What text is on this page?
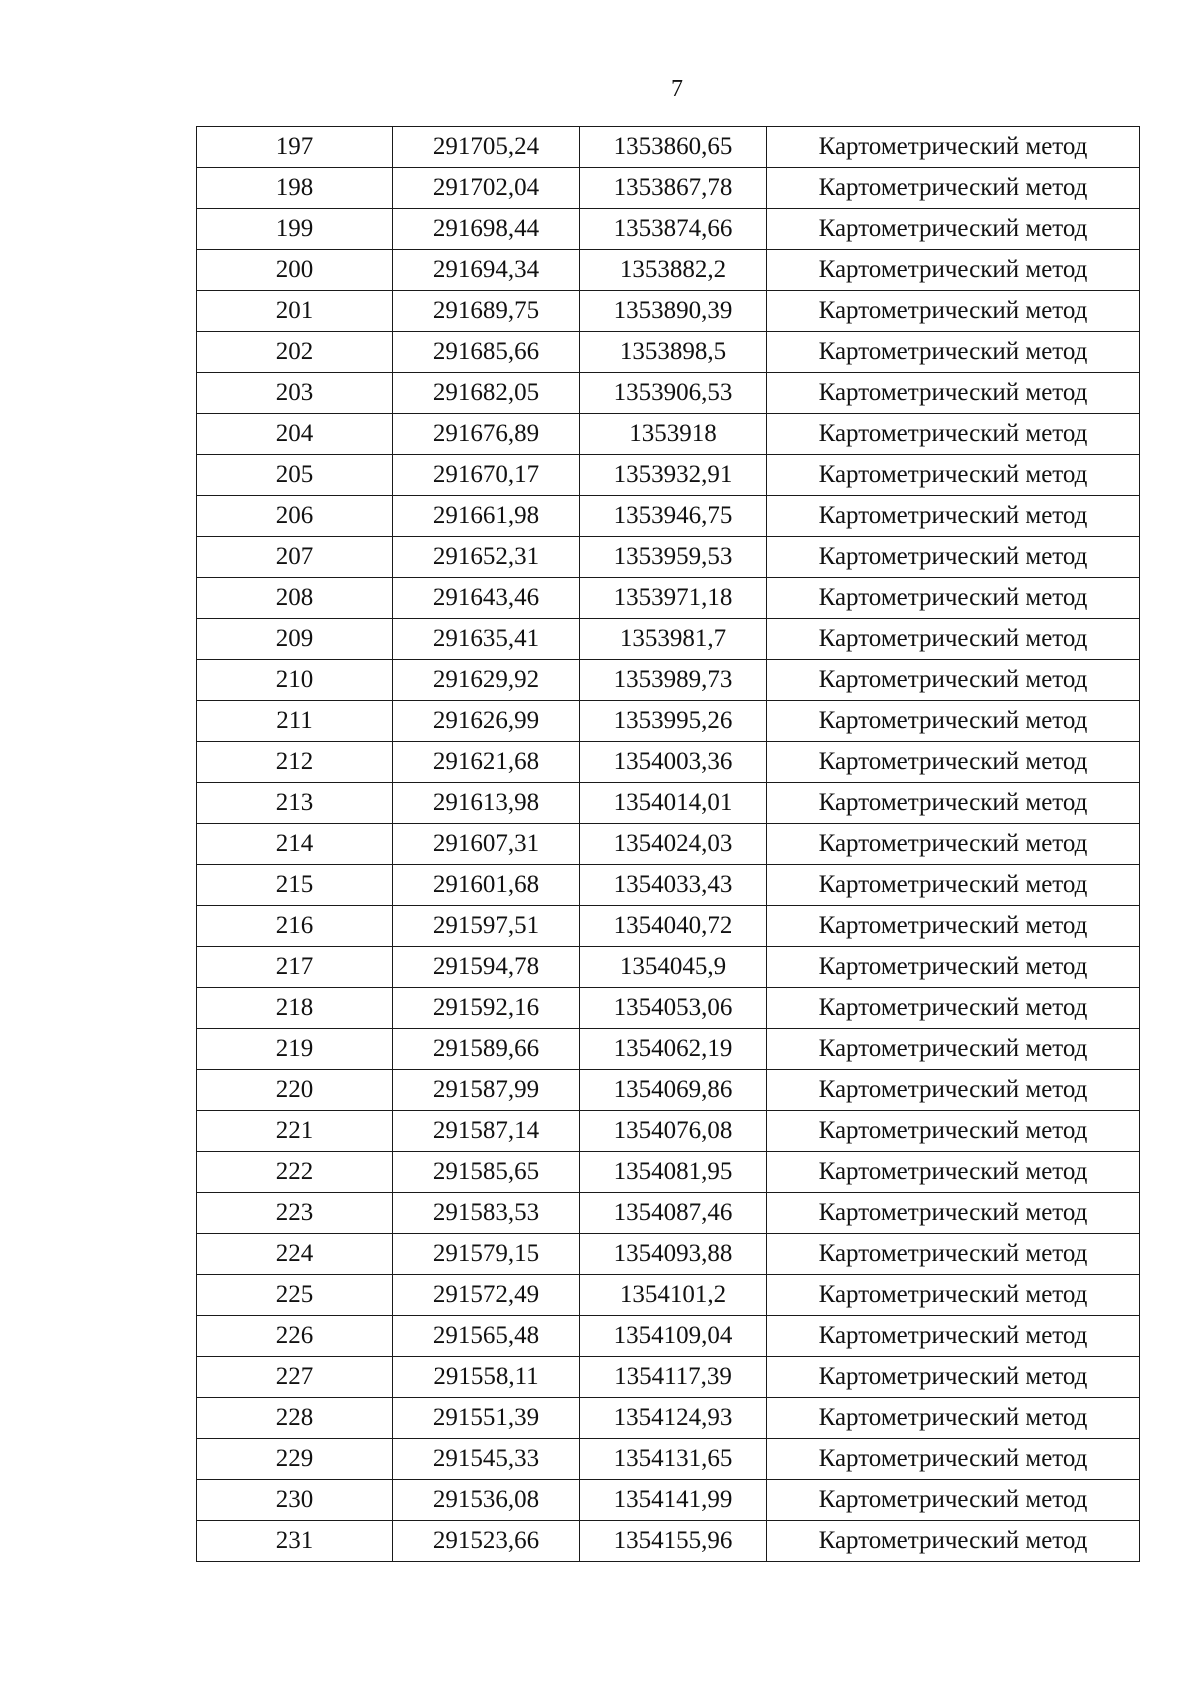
7
197	291705,24	1353860,65	Картометрический метод
198	291702,04	1353867,78	Картометрический метод
199	291698,44	1353874,66	Картометрический метод
200	291694,34	1353882,2	Картометрический метод
201	291689,75	1353890,39	Картометрический метод
202	291685,66	1353898,5	Картометрический метод
203	291682,05	1353906,53	Картометрический метод
204	291676,89	1353918	Картометрический метод
205	291670,17	1353932,91	Картометрический метод
206	291661,98	1353946,75	Картометрический метод
207	291652,31	1353959,53	Картометрический метод
208	291643,46	1353971,18	Картометрический метод
209	291635,41	1353981,7	Картометрический метод
210	291629,92	1353989,73	Картометрический метод
211	291626,99	1353995,26	Картометрический метод
212	291621,68	1354003,36	Картометрический метод
213	291613,98	1354014,01	Картометрический метод
214	291607,31	1354024,03	Картометрический метод
215	291601,68	1354033,43	Картометрический метод
216	291597,51	1354040,72	Картометрический метод
217	291594,78	1354045,9	Картометрический метод
218	291592,16	1354053,06	Картометрический метод
219	291589,66	1354062,19	Картометрический метод
220	291587,99	1354069,86	Картометрический метод
221	291587,14	1354076,08	Картометрический метод
222	291585,65	1354081,95	Картометрический метод
223	291583,53	1354087,46	Картометрический метод
224	291579,15	1354093,88	Картометрический метод
225	291572,49	1354101,2	Картометрический метод
226	291565,48	1354109,04	Картометрический метод
227	291558,11	1354117,39	Картометрический метод
228	291551,39	1354124,93	Картометрический метод
229	291545,33	1354131,65	Картометрический метод
230	291536,08	1354141,99	Картометрический метод
231	291523,66	1354155,96	Картометрический метод
